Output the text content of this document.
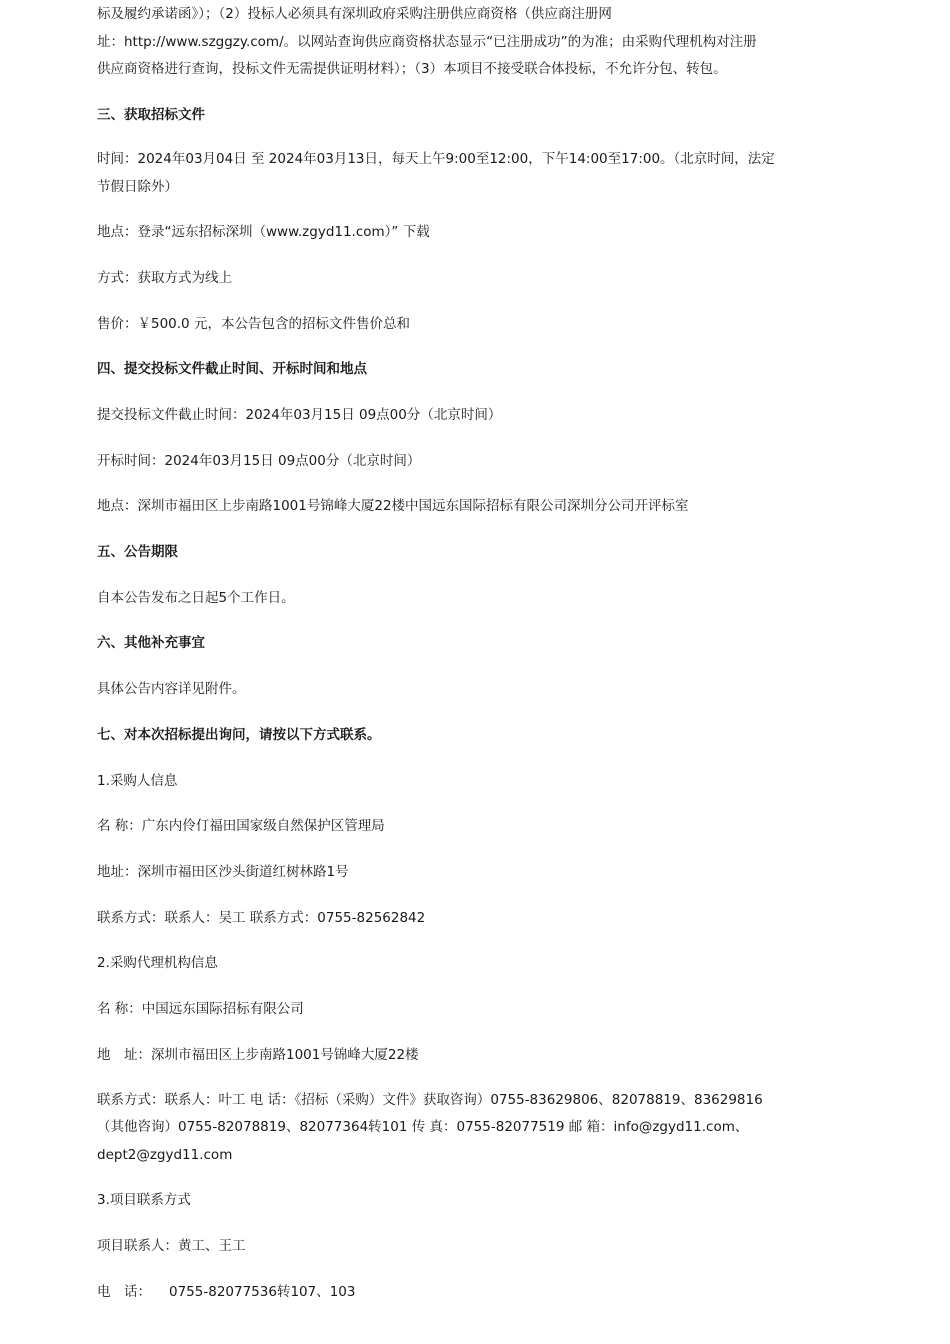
标及履约承诺函》）；（2）投标人必须具有深圳政府采购注册供应商资格（供应商注册网
址：http://www.szggzy.com/。以网站查询供应商资格状态显示“已注册成功”的为准；由采购代理机构对注册
供应商资格进行查询，投标文件无需提供证明材料）；（3）本项目不接受联合体投标，不允许分包、转包。
三、获取招标文件
时间：2024年03月04日 至 2024年03月13日，每天上午9:00至12:00，下午14:00至17:00。（北京时间，法定
节假日除外）
地点：登录“远东招标深圳（www.zgyd11.com）” 下载
方式：获取方式为线上
售价：￥500.0 元，本公告包含的招标文件售价总和
四、提交投标文件截止时间、开标时间和地点
提交投标文件截止时间：2024年03月15日 09点00分（北京时间）
开标时间：2024年03月15日 09点00分（北京时间）
地点：深圳市福田区上步南路1001号锦峰大厦22楼中国远东国际招标有限公司深圳分公司开评标室
五、公告期限
自本公告发布之日起5个工作日。
六、其他补充事宜
具体公告内容详见附件。
七、对本次招标提出询问，请按以下方式联系。
1.采购人信息
名 称：广东内伶仃福田国家级自然保护区管理局
地址：深圳市福田区沙头街道红树林路1号
联系方式：联系人：吴工 联系方式：0755-82562842
2.采购代理机构信息
名 称：中国远东国际招标有限公司
地　址：深圳市福田区上步南路1001号锦峰大厦22楼
联系方式：联系人：叶工 电 话：《招标（采购）文件》获取咨询）0755-83629806、82078819、83629816
（其他咨询）0755-82078819、82077364转101 传 真：0755-82077519 邮 箱：info@zgyd11.com、
dept2@zgyd11.com
3.项目联系方式
项目联系人：黄工、王工
电　话： 0755-82077536转107、103
